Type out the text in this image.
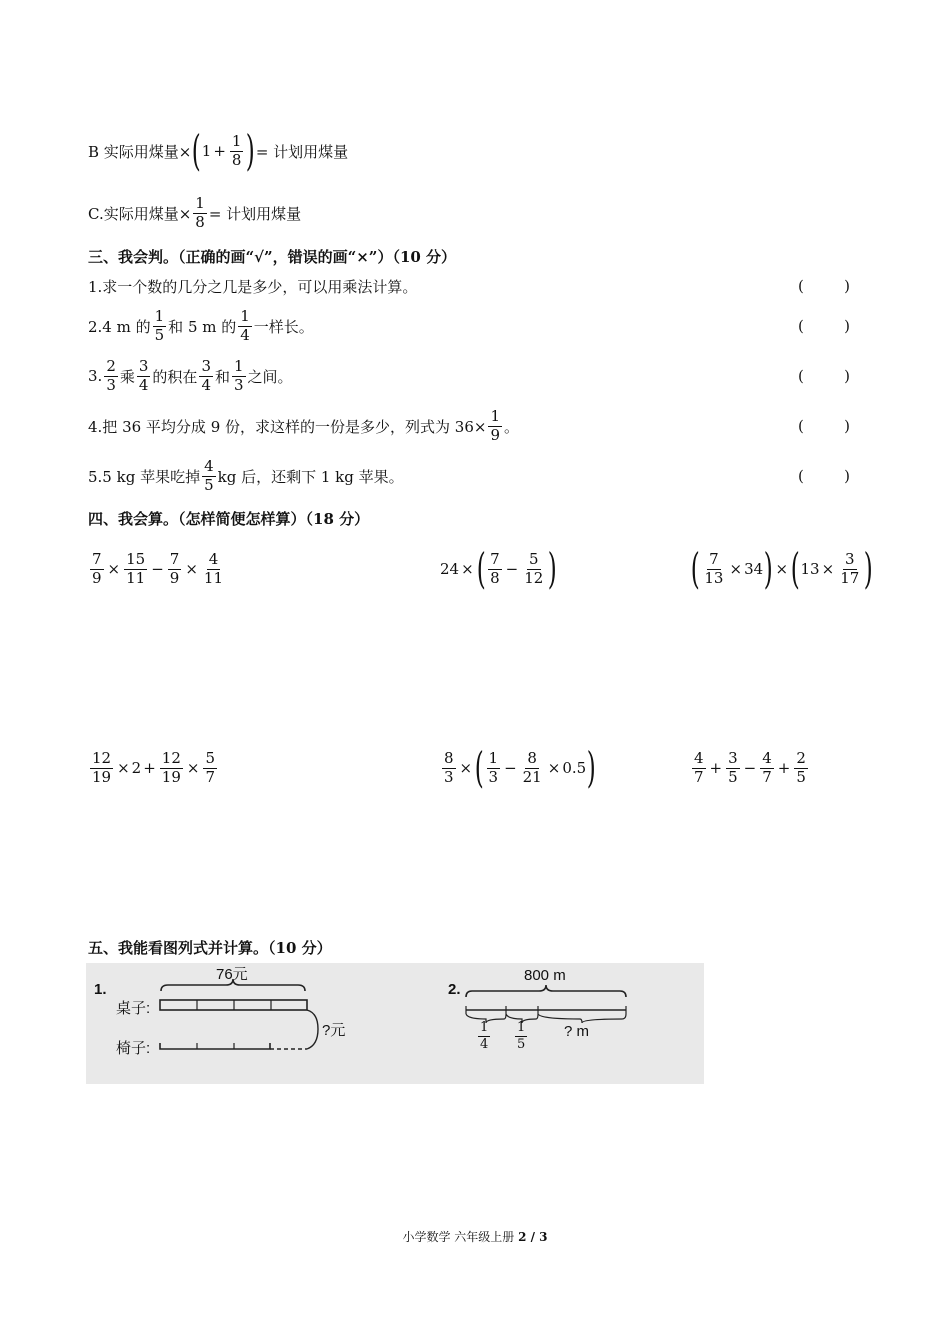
B 实际用煤量× ( $1 + \frac{1}{8}$ ) = 计划用煤量
C.实际用煤量× $\frac{1}{8}$ = 计划用煤量
三、我会判。（正确的画“√”，错误的画“×”）（10 分）
1.求一个数的几分之几是多少，可以用乘法计算。	(	)
2.4 m 的 $\frac{1}{5}$ 和 5 m 的 $\frac{1}{4}$ 一样长。	(	)
3. $\frac{2}{3}$ 乘 $\frac{3}{4}$ 的积在 $\frac{3}{4}$ 和 $\frac{1}{3}$ 之间。	(	)
4.把 36 平均分成 9 份，求这样的一份是多少，列式为 $36\times \frac{1}{9}$ 。	(	)
5.5 kg 苹果吃掉 $\frac{4}{5}$ kg 后，还剩下 1 kg 苹果。	(	)
四、我会算。（怎样简便怎样算）（18 分）
$\frac{7}{9} \times \frac{15}{11} - \frac{7}{9} \times \frac{4}{11}$	24 × ( $\frac{7}{8} - \frac{5}{12}$ )	( $\frac{7}{13} \times 34$ ) × ( $13 \times \frac{3}{17}$ )
$\frac{12}{19} \times 2 + \frac{12}{19} \times \frac{5}{7}$	$\frac{8}{3}$ × ( $\frac{1}{3} - \frac{8}{21} \times 0.5$ )	$\frac{4}{7} + \frac{3}{5} - \frac{4}{7} + \frac{2}{5}$
五、我能看图列式并计算。（10 分）
1.
76元
桌子:
椅子:
?元
2.
800 m
$\frac{1}{4} \frac{1}{5}$ ? m
小学数学 六年级上册 2 / 3
